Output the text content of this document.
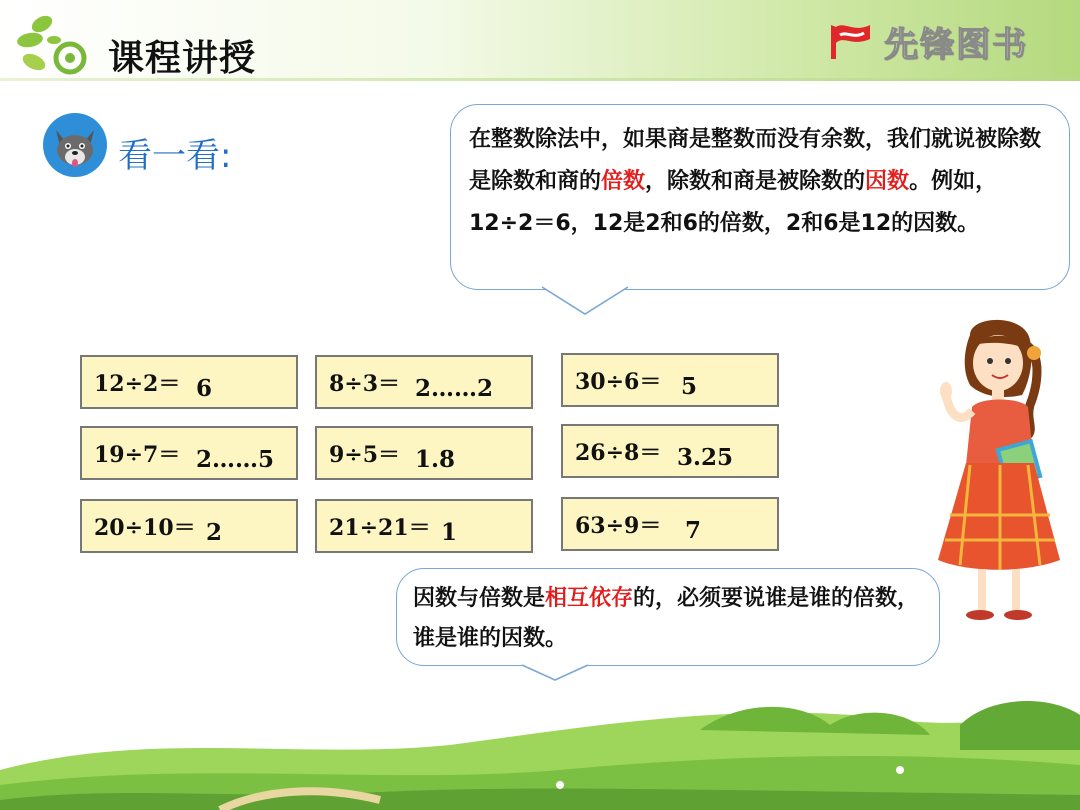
课程讲授	先锋图书
看一看:	在整数除法中，如果商是整数而没有余数，我们就说被除数是除数和商的倍数，除数和商是被除数的因数。例如，12÷2＝6，12是2和6的倍数，2和6是12的因数。
12÷2＝ 6	8÷3＝ 2……2	30÷6＝ 5
19÷7＝ 2……5 9÷5＝ 1.8	26÷8＝ 3.25
20÷10＝ 2	21÷21＝ 1	63÷9＝ 7
因数与倍数是相互依存的，必须要说谁是谁的倍数，谁是谁的因数。
